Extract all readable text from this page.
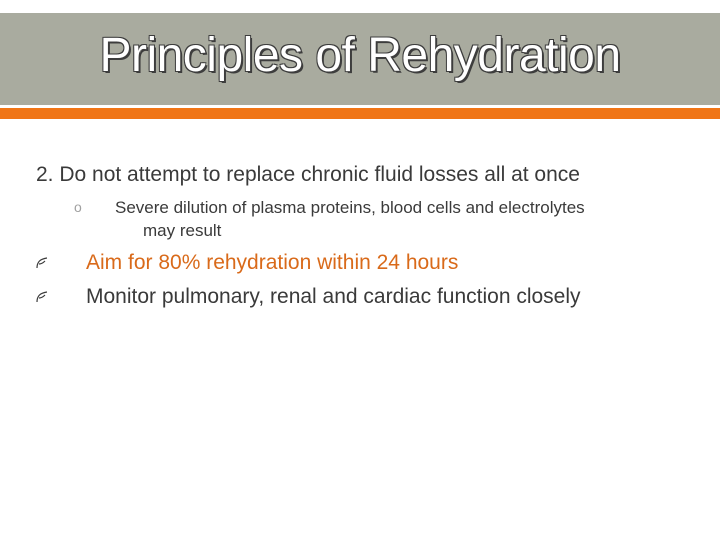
Principles of Rehydration
2. Do not attempt to replace chronic fluid losses all at once
o Severe dilution of plasma proteins, blood cells and electrolytes
may result
Aim for 80% rehydration within 24 hours
Monitor pulmonary, renal and cardiac function closely
